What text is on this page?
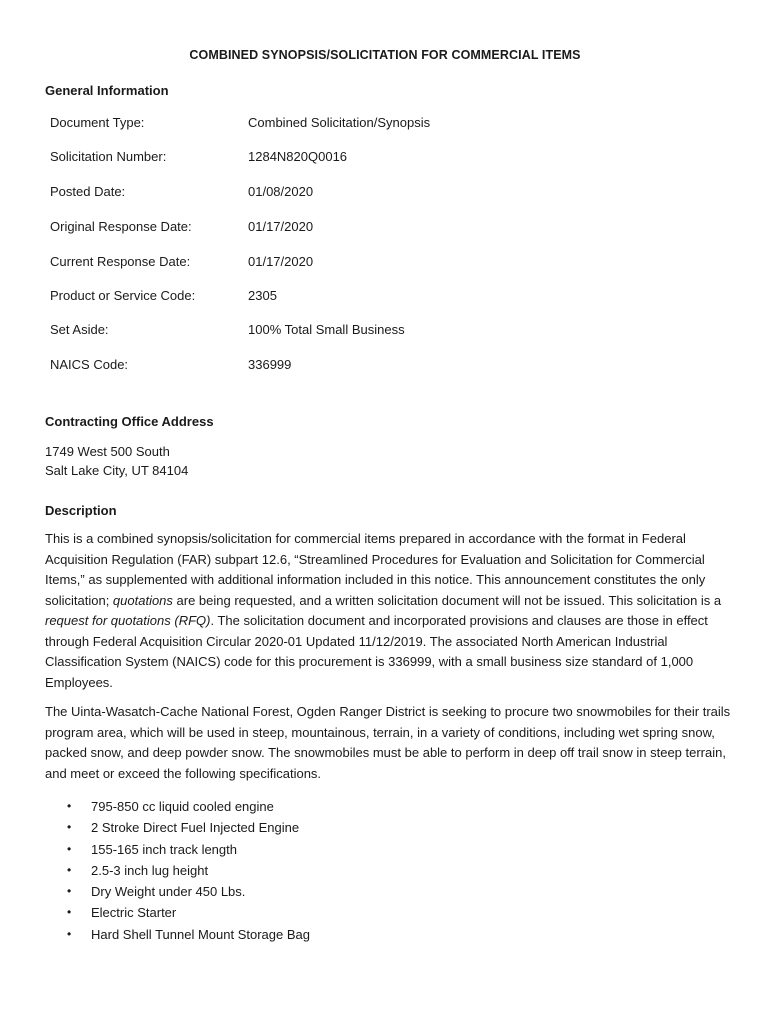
COMBINED SYNOPSIS/SOLICITATION FOR COMMERCIAL ITEMS
General Information
Document Type:	Combined Solicitation/Synopsis
Solicitation Number:	1284N820Q0016
Posted Date:	01/08/2020
Original Response Date:	01/17/2020
Current Response Date:	01/17/2020
Product or Service Code:	2305
Set Aside:	100% Total Small Business
NAICS Code:	336999
Contracting Office Address
1749 West 500 South
Salt Lake City, UT 84104
Description

This is a combined synopsis/solicitation for commercial items prepared in accordance with the format in Federal Acquisition Regulation (FAR) subpart 12.6, “Streamlined Procedures for Evaluation and Solicitation for Commercial Items,” as supplemented with additional information included in this notice. This announcement constitutes the only solicitation; quotations are being requested, and a written solicitation document will not be issued. This solicitation is a request for quotations (RFQ). The solicitation document and incorporated provisions and clauses are those in effect through Federal Acquisition Circular 2020-01 Updated 11/12/2019. The associated North American Industrial Classification System (NAICS) code for this procurement is 336999, with a small business size standard of 1,000 Employees.

The Uinta-Wasatch-Cache National Forest, Ogden Ranger District is seeking to procure two snowmobiles for their trails program area, which will be used in steep, mountainous, terrain, in a variety of conditions, including wet spring snow, packed snow, and deep powder snow. The snowmobiles must be able to perform in deep off trail snow in steep terrain, and meet or exceed the following specifications.

• 795-850 cc liquid cooled engine
• 2 Stroke Direct Fuel Injected Engine
• 155-165 inch track length
• 2.5-3 inch lug height
• Dry Weight under 450 Lbs.
• Electric Starter
• Hard Shell Tunnel Mount Storage Bag
